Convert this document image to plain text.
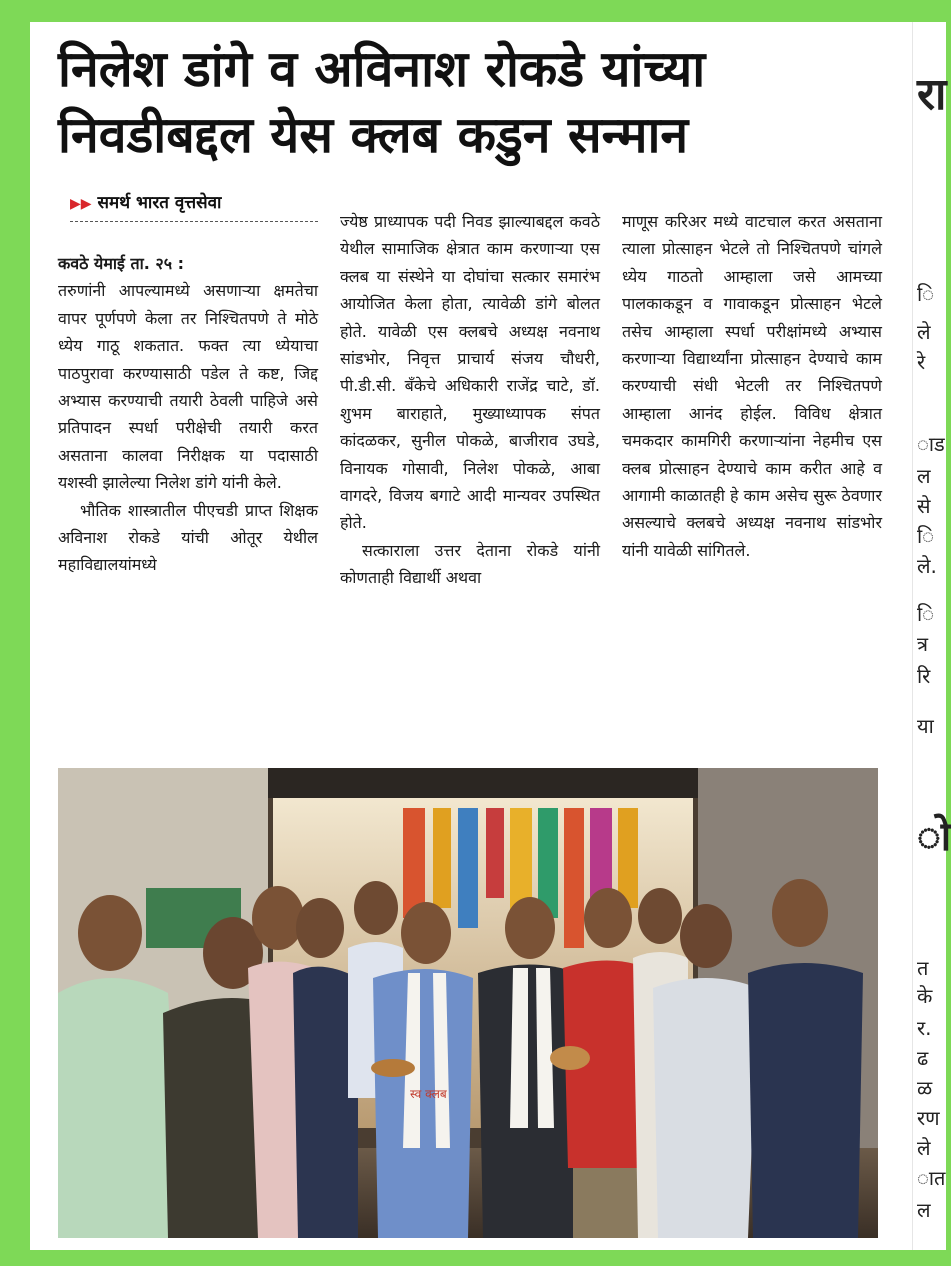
निलेश डांगे व अविनाश रोकडे यांच्या
निवडीबद्दल येस क्लब कडुन सन्मान
▶▶ समर्थ भारत वृत्तसेवा

कवठे येमाई ता. २५ :

तरुणांनी आपल्यामध्ये असणाऱ्या क्षमतेचा वापर पूर्णपणे केला तर निश्चितपणे ते मोठे ध्येय गाठू शकतात. फक्त त्या ध्येयाचा पाठपुरावा करण्यासाठी पडेल ते कष्ट, जिद्द अभ्यास करण्याची तयारी ठेवली पाहिजे असे प्रतिपादन स्पर्धा परीक्षेची तयारी करत असताना कालवा निरीक्षक या पदासाठी यशस्वी झालेल्या निलेश डांगे यांनी केले.

भौतिक शास्त्रातील पीएचडी प्राप्त शिक्षक अविनाश रोकडे यांची ओतूर येथील महाविद्यालयांमध्ये

ज्येष्ठ प्राध्यापक पदी निवड झाल्याबद्दल कवठे येथील सामाजिक क्षेत्रात काम करणाऱ्या एस क्लब या संस्थेने या दोघांचा सत्कार समारंभ आयोजित केला होता, त्यावेळी डांगे बोलत होते. यावेळी एस क्लबचे अध्यक्ष नवनाथ सांडभोर, निवृत्त प्राचार्य संजय चौधरी, पी.डी.सी. बँकेचे अधिकारी राजेंद्र चाटे, डॉ. शुभम बाराहाते, मुख्याध्यापक संपत कांदळकर, सुनील पोकळे, बाजीराव उघडे, विनायक गोसावी, निलेश पोकळे, आबा वागदरे, विजय बगाटे आदी मान्यवर उपस्थित होते.

सत्काराला उत्तर देताना रोकडे यांनी कोणताही विद्यार्थी अथवा

माणूस करिअर मध्ये वाटचाल करत असताना त्याला प्रोत्साहन भेटले तो निश्चितपणे चांगले ध्येय गाठतो आम्हाला जसे आमच्या पालकाकडून व गावाकडून प्रोत्साहन भेटले तसेच आम्हाला स्पर्धा परीक्षांमध्ये अभ्यास करणाऱ्या विद्यार्थ्यांना प्रोत्साहन देण्याचे काम करण्याची संधी भेटली तर निश्चितपणे आम्हाला आनंद होईल. विविध क्षेत्रात चमकदार कामगिरी करणाऱ्यांना नेहमीच एस क्लब प्रोत्साहन देण्याचे काम करीत आहे व आगामी काळातही हे काम असेच सुरू ठेवणार असल्याचे क्लबचे अध्यक्ष नवनाथ सांडभोर यांनी यावेळी सांगितले.

स्व क्लब
रा
ि
ले
रे
ाड
ल
से
ि
ले.
ि
त्र
रि
या
ो
त
के
र.
ढ
ळ
रण
ले
ात
ल
